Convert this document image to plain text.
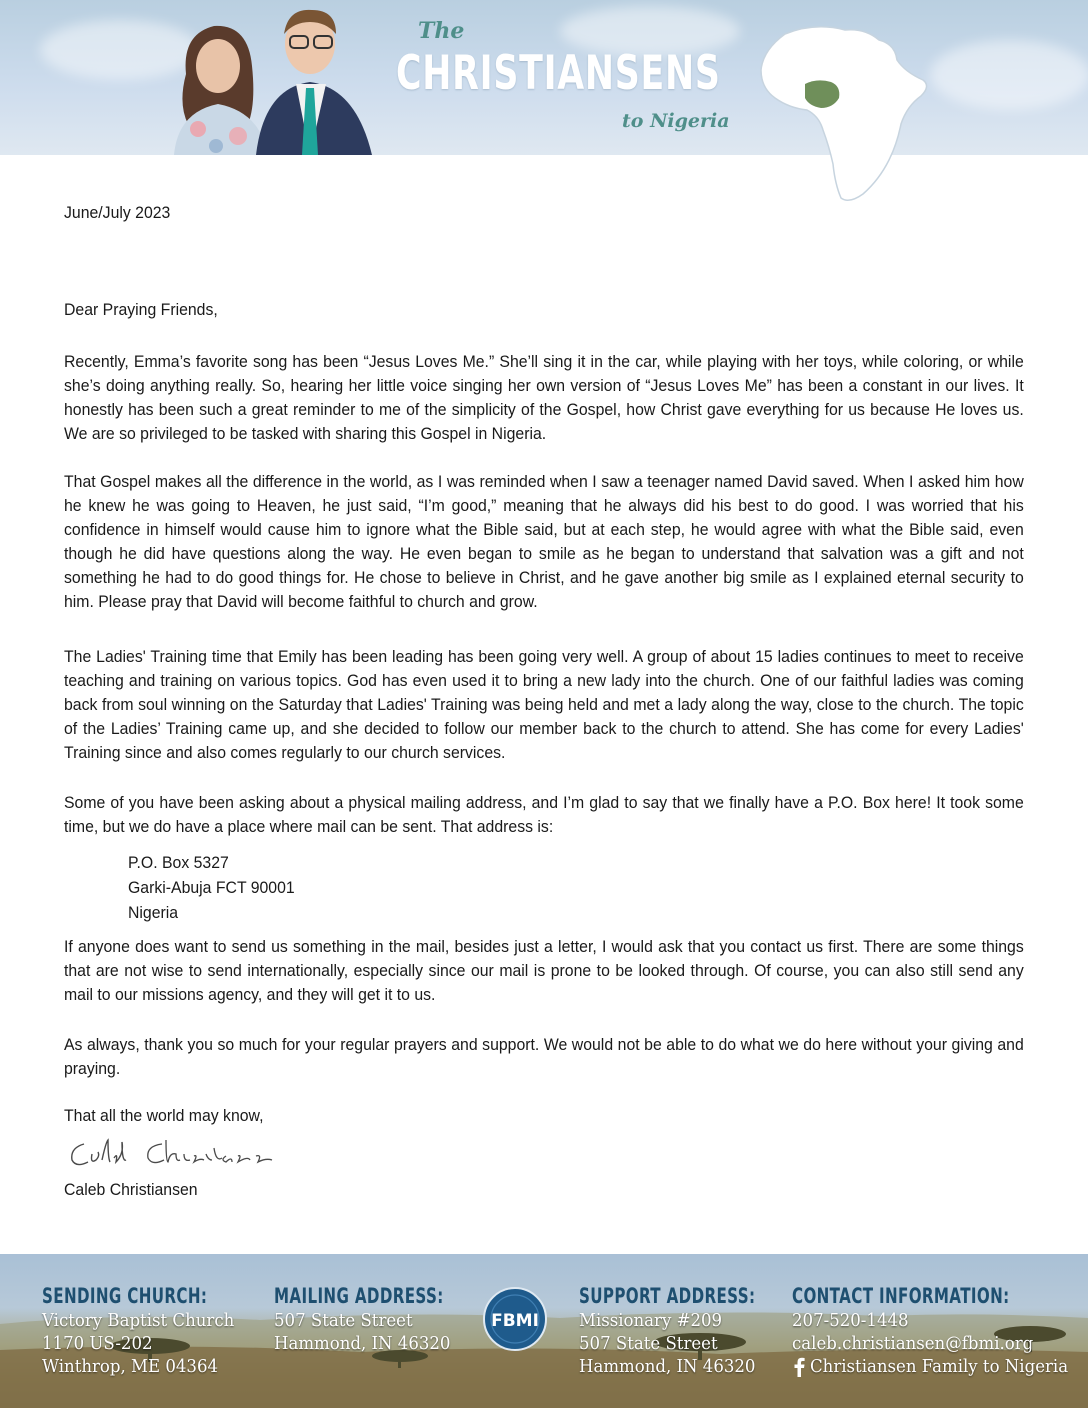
The
CHRISTIANSENS
to Nigeria
June/July 2023
Dear Praying Friends,

Recently, Emma’s favorite song has been “Jesus Loves Me.” She’ll sing it in the car, while playing with her toys, while coloring, or while she’s doing anything really. So, hearing her little voice singing her own version of “Jesus Loves Me” has been a constant in our lives. It honestly has been such a great reminder to me of the simplicity of the Gospel, how Christ gave everything for us because He loves us. We are so privileged to be tasked with sharing this Gospel in Nigeria.

That Gospel makes all the difference in the world, as I was reminded when I saw a teenager named David saved. When I asked him how he knew he was going to Heaven, he just said, “I’m good,” meaning that he always did his best to do good. I was worried that his confidence in himself would cause him to ignore what the Bible said, but at each step, he would agree with what the Bible said, even though he did have questions along the way. He even began to smile as he began to understand that salvation was a gift and not something he had to do good things for. He chose to believe in Christ, and he gave another big smile as I explained eternal security to him. Please pray that David will become faithful to church and grow.

The Ladies' Training time that Emily has been leading has been going very well. A group of about 15 ladies continues to meet to receive teaching and training on various topics. God has even used it to bring a new lady into the church. One of our faithful ladies was coming back from soul winning on the Saturday that Ladies' Training was being held and met a lady along the way, close to the church. The topic of the Ladies’ Training came up, and she decided to follow our member back to the church to attend. She has come for every Ladies' Training since and also comes regularly to our church services.

Some of you have been asking about a physical mailing address, and I’m glad to say that we finally have a P.O. Box here! It took some time, but we do have a place where mail can be sent. That address is:

P.O. Box 5327
Garki-Abuja FCT 90001
Nigeria

If anyone does want to send us something in the mail, besides just a letter, I would ask that you contact us first. There are some things that are not wise to send internationally, especially since our mail is prone to be looked through. Of course, you can also still send any mail to our missions agency, and they will get it to us.

As always, thank you so much for your regular prayers and support. We would not be able to do what we do here without your giving and praying.

That all the world may know,
Caleb Christiansen
SENDING CHURCH:
Victory Baptist Church
1170 US-202
Winthrop, ME 04364
MAILING ADDRESS:
507 State Street
Hammond, IN 46320
SUPPORT ADDRESS:
Missionary #209
507 State Street
Hammond, IN 46320
CONTACT INFORMATION:
207-520-1448
caleb.christiansen@fbmi.org
Christiansen Family to Nigeria
FBMI
